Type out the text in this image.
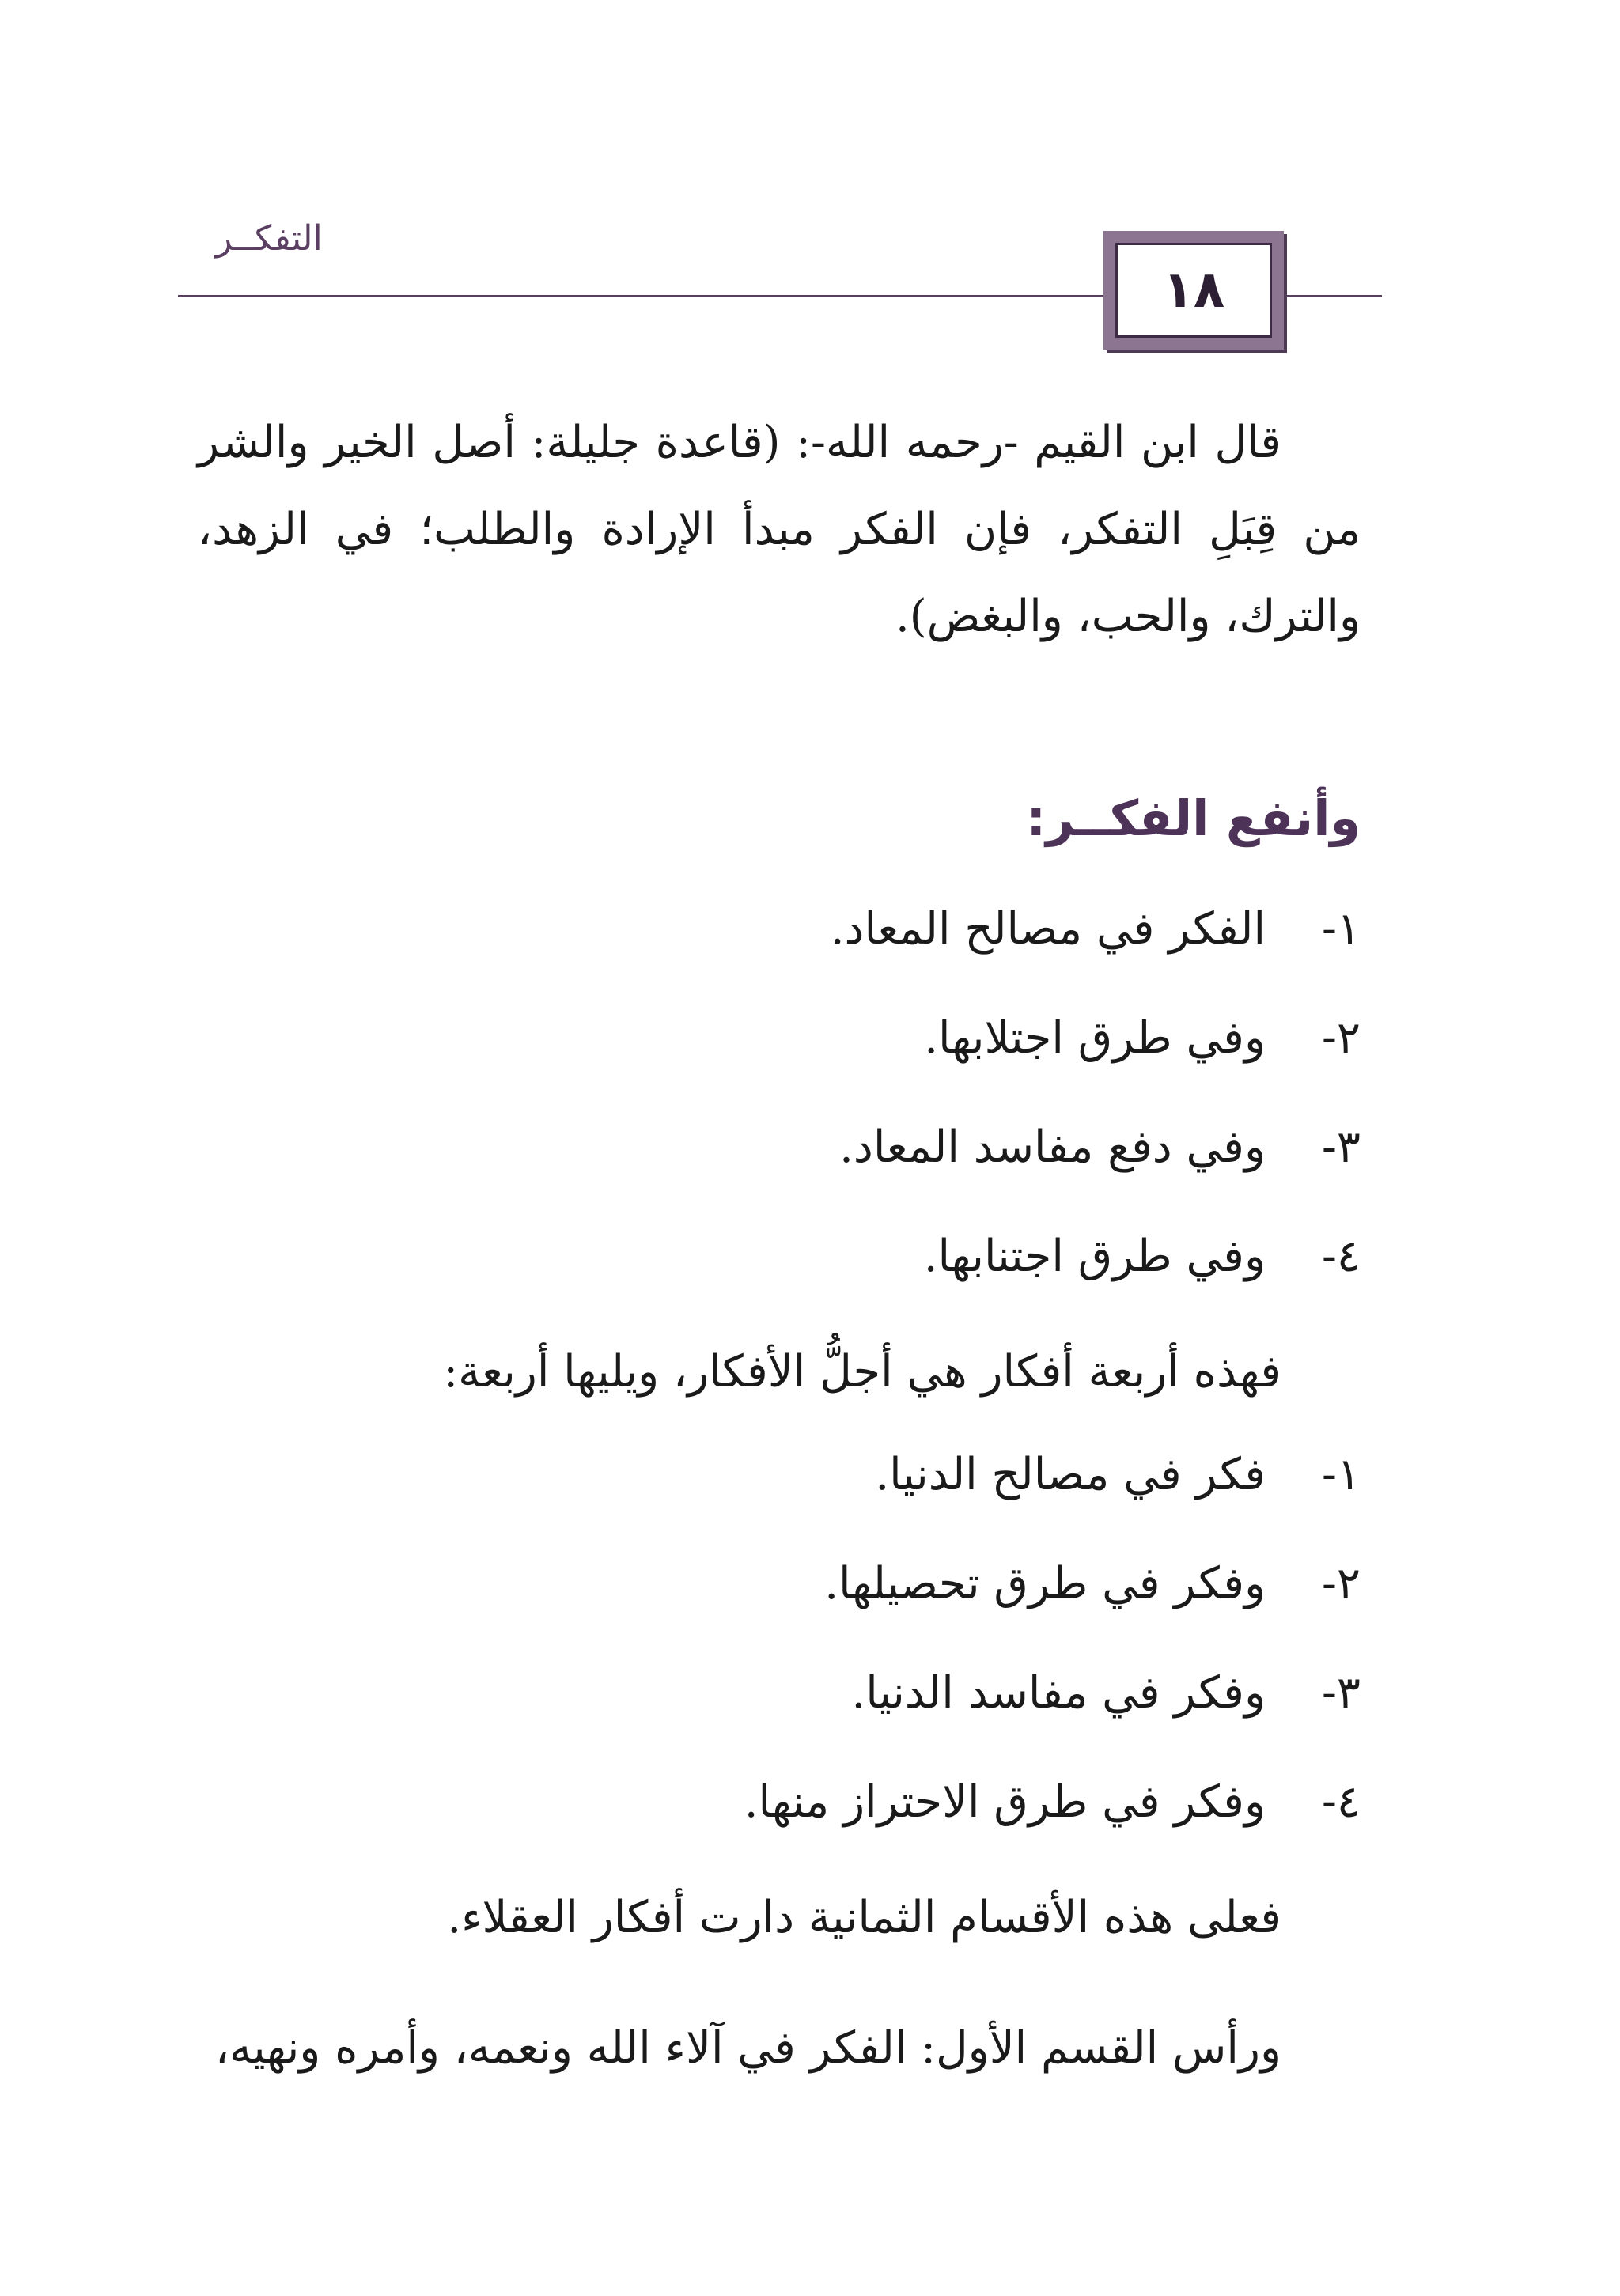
التفكــر
١٨
قال ابن القيم -رحمه الله-: (قاعدة جليلة: أصل الخير والشر من قِبَلِ التفكر، فإن الفكر مبدأ الإرادة والطلب؛ في الزهد، والترك، والحب، والبغض).
وأنفع الفكــر:
١-
الفكر في مصالح المعاد.
٢-
وفي طرق اجتلابها.
٣-
وفي دفع مفاسد المعاد.
٤-
وفي طرق اجتنابها.
فهذه أربعة أفكار هي أجلُّ الأفكار، ويليها أربعة:
١-
فكر في مصالح الدنيا.
٢-
وفكر في طرق تحصيلها.
٣-
وفكر في مفاسد الدنيا.
٤-
وفكر في طرق الاحتراز منها.
فعلى هذه الأقسام الثمانية دارت أفكار العقلاء.
ورأس القسم الأول: الفكر في آلاء الله ونعمه، وأمره ونهيه،
